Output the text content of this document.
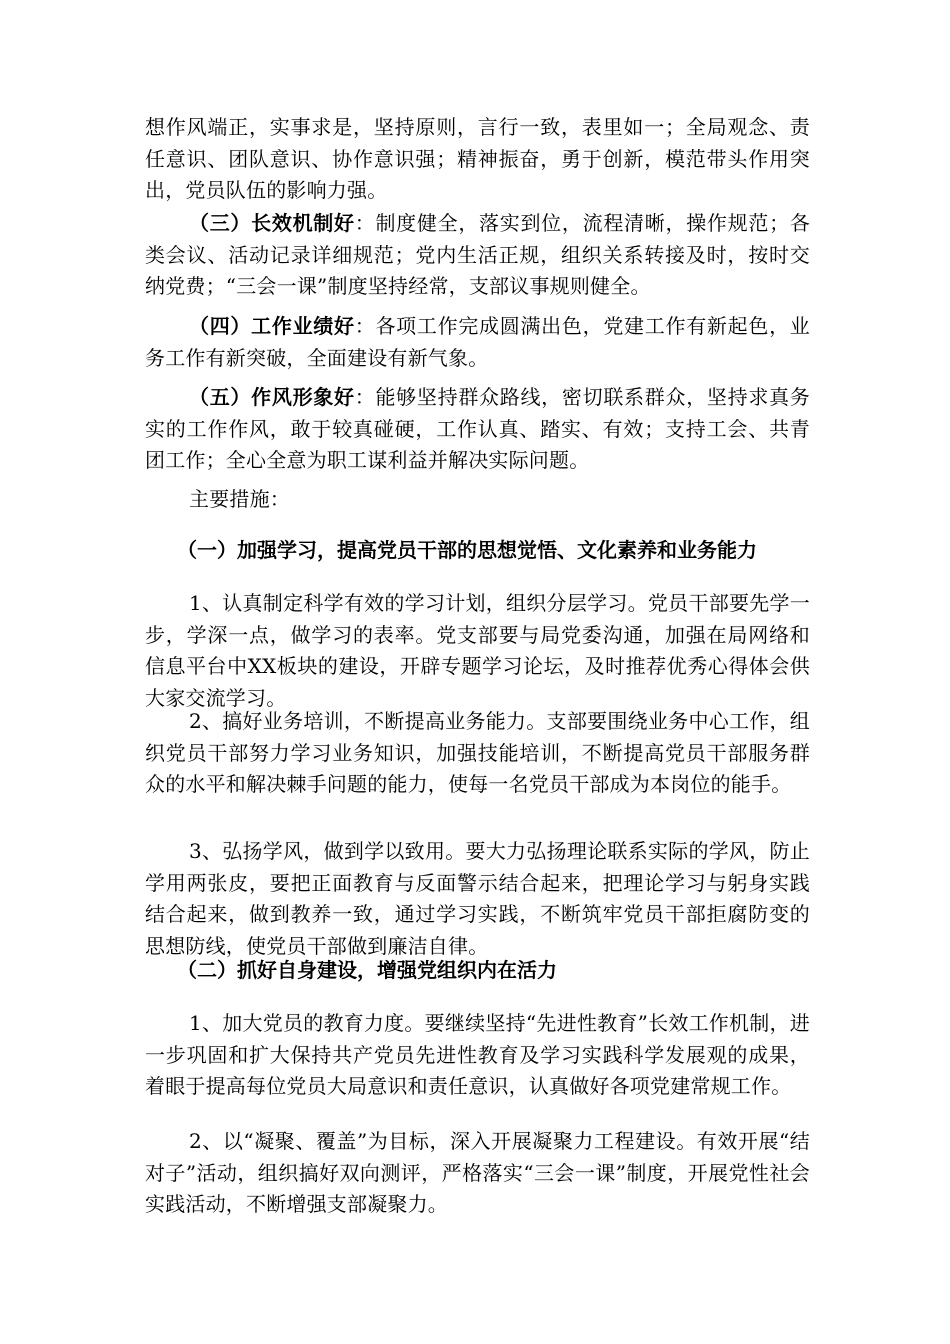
想作风端正，实事求是，坚持原则，言行一致，表里如一；全局观念、责任意识、团队意识、协作意识强；精神振奋，勇于创新，模范带头作用突出，党员队伍的影响力强。
（三）长效机制好：制度健全，落实到位，流程清晰，操作规范；各类会议、活动记录详细规范；党内生活正规，组织关系转接及时，按时交纳党费；“三会一课”制度坚持经常，支部议事规则健全。
（四）工作业绩好：各项工作完成圆满出色，党建工作有新起色，业务工作有新突破，全面建设有新气象。
（五）作风形象好：能够坚持群众路线，密切联系群众，坚持求真务实的工作作风，敢于较真碰硬，工作认真、踏实、有效；支持工会、共青团工作；全心全意为职工谋利益并解决实际问题。
主要措施：
（一）加强学习，提高党员干部的思想觉悟、文化素养和业务能力
1、认真制定科学有效的学习计划，组织分层学习。党员干部要先学一步，学深一点，做学习的表率。党支部要与局党委沟通，加强在局网络和信息平台中XX板块的建设，开辟专题学习论坛，及时推荐优秀心得体会供大家交流学习。
2、搞好业务培训，不断提高业务能力。支部要围绕业务中心工作，组织党员干部努力学习业务知识，加强技能培训，不断提高党员干部服务群众的水平和解决棘手问题的能力，使每一名党员干部成为本岗位的能手。
3、弘扬学风，做到学以致用。要大力弘扬理论联系实际的学风，防止学用两张皮，要把正面教育与反面警示结合起来，把理论学习与躬身实践结合起来，做到教养一致，通过学习实践，不断筑牢党员干部拒腐防变的思想防线，使党员干部做到廉洁自律。
（二）抓好自身建设，增强党组织内在活力
1、加大党员的教育力度。要继续坚持“先进性教育”长效工作机制，进一步巩固和扩大保持共产党员先进性教育及学习实践科学发展观的成果，着眼于提高每位党员大局意识和责任意识，认真做好各项党建常规工作。
2、以“凝聚、覆盖”为目标，深入开展凝聚力工程建设。有效开展“结对子”活动，组织搞好双向测评，严格落实“三会一课”制度，开展党性社会实践活动，不断增强支部凝聚力。
